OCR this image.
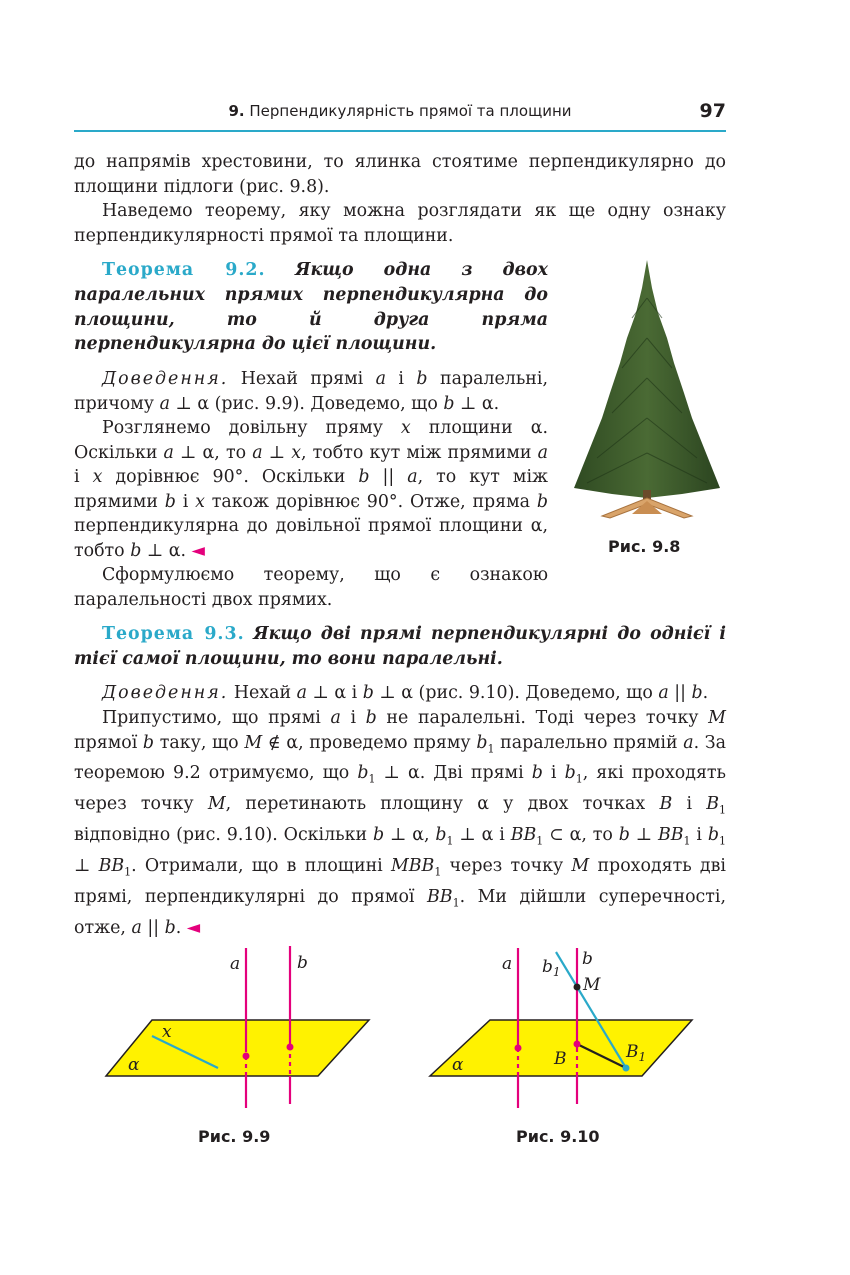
9. Перпендикулярність прямої та площини	97

до напрямів хрестовини, то ялинка стоятиме перпендикулярно до площини підлоги (рис. 9.8).

Наведемо теорему, яку можна розглядати як ще одну ознаку перпендикулярності прямої та площини.

Теорема 9.2. Якщо одна з двох паралельних прямих перпендикулярна до площини, то й друга пряма перпендикулярна до цієї площини.

Доведення. Нехай прямі a і b паралельні, причому a ⊥ α (рис. 9.9). Доведемо, що b ⊥ α.

Розглянемо довільну пряму x площини α. Оскільки a ⊥ α, то a ⊥ x, тобто кут між прямими a і x дорівнює 90°. Оскільки b || a, то кут між прямими b і x також дорівнює 90°. Отже, пряма b перпендикулярна до довільної прямої площини α, тобто b ⊥ α. ◄

Сформулюємо теорему, що є ознакою паралельності двох прямих.

Рис. 9.8

Теорема 9.3. Якщо дві прямі перпендикулярні до однієї і тієї самої площини, то вони паралельні.

Доведення. Нехай a ⊥ α і b ⊥ α (рис. 9.10). Доведемо, що a || b.

Припустимо, що прямі a і b не паралельні. Тоді через точку M прямої b таку, що M ∉ α, проведемо пряму $b_1$ паралельно прямій a. За теоремою 9.2 отримуємо, що $b_1$ ⊥ α. Дві прямі b і $b_1$, які проходять через точку M, перетинають площину α у двох точках B і $B_1$ відповідно (рис. 9.10). Оскільки b ⊥ α, $b_1$ ⊥ α і $BB_1$ ⊂ α, то b ⊥ $BB_1$ і $b_1$ ⊥ $BB_1$. Отримали, що в площині $MBB_1$ через точку M проходять дві прямі, перпендикулярні до прямої $BB_1$. Ми дійшли суперечності, отже, a || b. ◄

a	b
x
α
Рис. 9.9
a	b
$b_1$
M
B	$B_1$
α
Рис. 9.10
